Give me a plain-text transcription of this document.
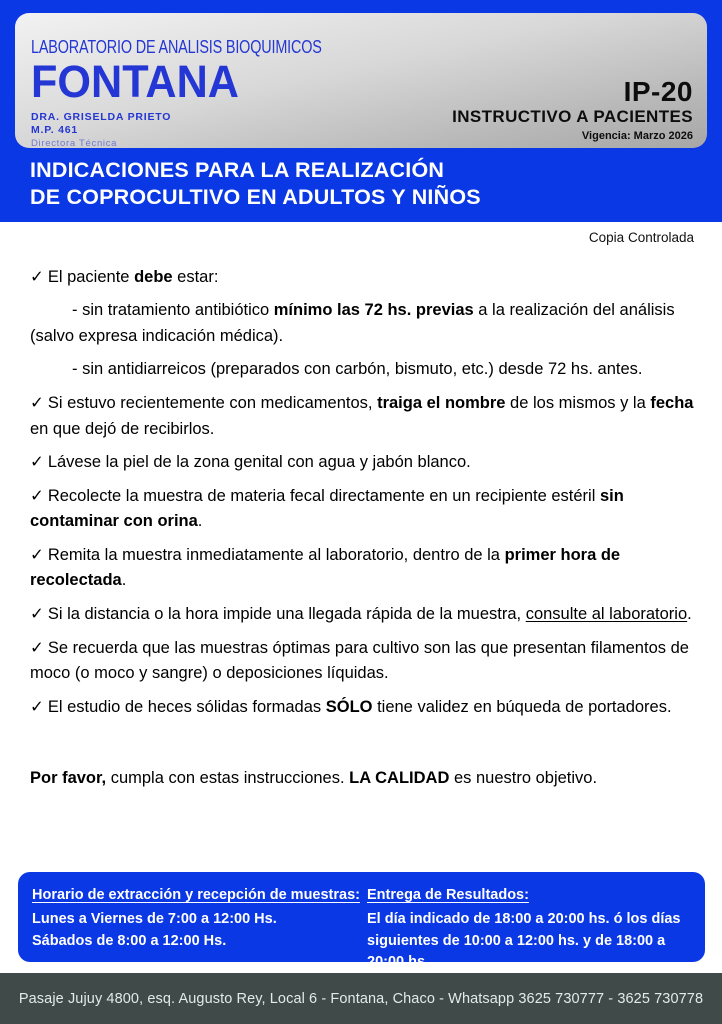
LABORATORIO DE ANALISIS BIOQUIMICOS
FONTANA
DRA. GRISELDA PRIETO
M.P. 461
Directora Técnica
IP-20
INSTRUCTIVO A PACIENTES
Vigencia: Marzo 2026
INDICACIONES PARA LA REALIZACIÓN
DE COPROCULTIVO EN ADULTOS Y NIÑOS
Copia Controlada

✓ El paciente debe estar:

- sin tratamiento antibiótico mínimo las 72 hs. previas a la realización del análisis (salvo expresa indicación médica).

- sin antidiarreicos (preparados con carbón, bismuto, etc.) desde 72 hs. antes.

✓ Si estuvo recientemente con medicamentos, traiga el nombre de los mismos y la fecha en que dejó de recibirlos.

✓ Lávese la piel de la zona genital con agua y jabón blanco.

✓ Recolecte la muestra de materia fecal directamente en un recipiente estéril sin contaminar con orina.

✓ Remita la muestra inmediatamente al laboratorio, dentro de la primer hora de recolectada.

✓ Si la distancia o la hora impide una llegada rápida de la muestra, consulte al laboratorio.

✓ Se recuerda que las muestras óptimas para cultivo son las que presentan filamentos de moco (o moco y sangre) o deposiciones líquidas.

✓ El estudio de heces sólidas formadas SÓLO tiene validez en búqueda de portadores.

Por favor, cumpla con estas instrucciones. LA CALIDAD es nuestro objetivo.

Horario de extracción y recepción de muestras:
Lunes a Viernes de 7:00 a 12:00 Hs.
Sábados de 8:00 a 12:00 Hs.
Entrega de Resultados:
El día indicado de 18:00 a 20:00 hs. ó los días
siguientes de 10:00 a 12:00 hs. y de 18:00 a 20:00 hs.
Pasaje Jujuy 4800, esq. Augusto Rey, Local 6 - Fontana, Chaco - Whatsapp 3625 730777 - 3625 730778
